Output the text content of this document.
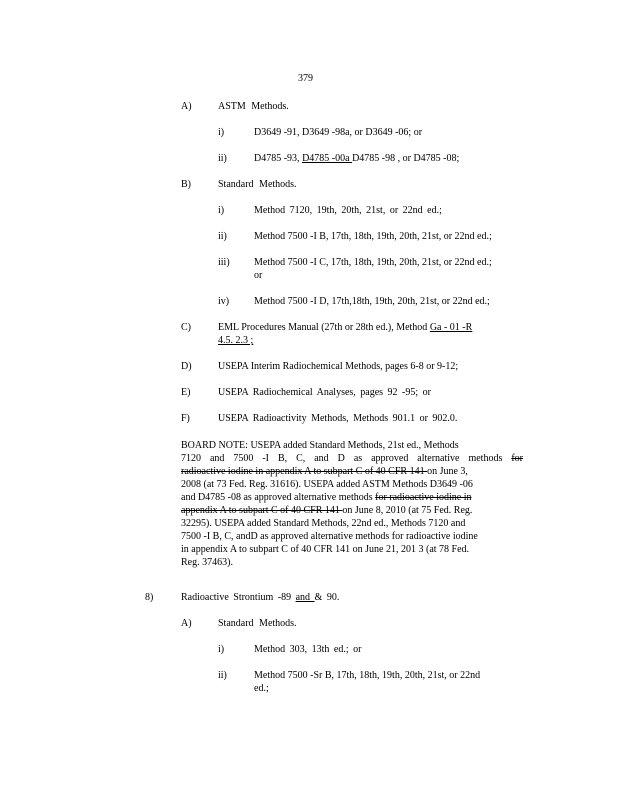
379
A)	ASTM Methods.
i)	D3649 -91, D3649 -98a, or D3649 -06; or
ii)	D4785 -93, D4785 -00a D4785 -98 , or D4785 -08;
B)	Standard Methods.
i)	Method 7120, 19th, 20th, 21st, or 22nd ed.;
ii)	Method 7500 -I B, 17th, 18th, 19th, 20th, 21st, or 22nd ed.;
iii) Method 7500 -I C, 17th, 18th, 19th, 20th, 21st, or 22nd ed.;
or
iv) Method 7500 -I D, 17th,18th, 19th, 20th, 21st, or 22nd ed.;
C)	EML Procedures Manual (27th or 28th ed.), Method Ga - 01 -R
4.5. 2.3 ;
D)	USEPA Interim Radiochemical Methods, pages 6-8 or 9-12;
E)	USEPA Radiochemical Analyses, pages 92 -95; or
F)	USEPA Radioactivity Methods, Methods 901.1 or 902.0.
BOARD NOTE: USEPA added Standard Methods, 21st ed., Methods
7120 and 7500 -I B, C, and D as approved alternative methods for
radioactive iodine in appendix A to subpart C of 40 CFR 141 on June 3,
2008 (at 73 Fed. Reg. 31616). USEPA added ASTM Methods D3649 -06
and D4785 -08 as approved alternative methods for radioactive iodine in
appendix A to subpart C of 40 CFR 141 on June 8, 2010 (at 75 Fed. Reg.
32295). USEPA added Standard Methods, 22nd ed., Methods 7120 and
7500 -I B, C, andD as approved alternative methods for radioactive iodine
in appendix A to subpart C of 40 CFR 141 on June 21, 201 3 (at 78 Fed.
Reg. 37463).
8)	Radioactive Strontium -89 and & 90.
A)	Standard Methods.
i)	Method 303, 13th ed.; or
ii)	Method 7500 -Sr B, 17th, 18th, 19th, 20th, 21st, or 22nd
ed.;
